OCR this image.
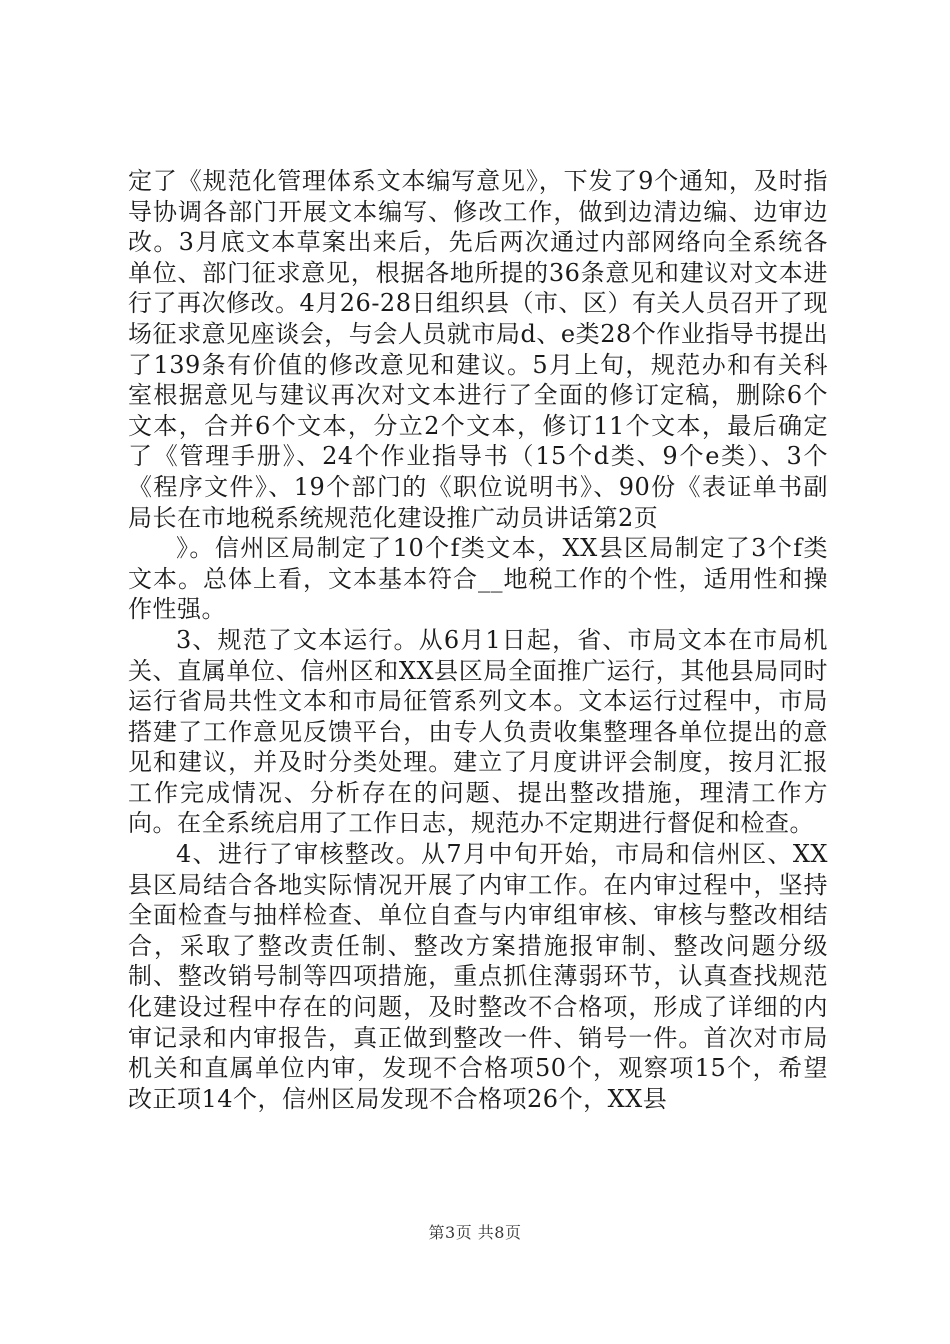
定了《规范化管理体系文本编写意见》，下发了9个通知，及时指导协调各部门开展文本编写、修改工作，做到边清边编、边审边改。3月底文本草案出来后，先后两次通过内部网络向全系统各单位、部门征求意见，根据各地所提的36条意见和建议对文本进行了再次修改。4月26-28日组织县（市、区）有关人员召开了现场征求意见座谈会，与会人员就市局d、e类28个作业指导书提出了139条有价值的修改意见和建议。5月上旬，规范办和有关科室根据意见与建议再次对文本进行了全面的修订定稿，删除6个文本，合并6个文本，分立2个文本，修订11个文本，最后确定了《管理手册》、24个作业指导书（15个d类、9个e类）、3个《程序文件》、19个部门的《职位说明书》、90份《表证单书副局长在市地税系统规范化建设推广动员讲话第2页

》。信州区局制定了10个f类文本，XX县区局制定了3个f类文本。总体上看，文本基本符合__地税工作的个性，适用性和操作性强。

3、规范了文本运行。从6月1日起，省、市局文本在市局机关、直属单位、信州区和XX县区局全面推广运行，其他县局同时运行省局共性文本和市局征管系列文本。文本运行过程中，市局搭建了工作意见反馈平台，由专人负责收集整理各单位提出的意见和建议，并及时分类处理。建立了月度讲评会制度，按月汇报工作完成情况、分析存在的问题、提出整改措施，理清工作方向。在全系统启用了工作日志，规范办不定期进行督促和检查。

4、进行了审核整改。从7月中旬开始，市局和信州区、XX县区局结合各地实际情况开展了内审工作。在内审过程中，坚持全面检查与抽样检查、单位自查与内审组审核、审核与整改相结合，采取了整改责任制、整改方案措施报审制、整改问题分级制、整改销号制等四项措施，重点抓住薄弱环节，认真查找规范化建设过程中存在的问题，及时整改不合格项，形成了详细的内审记录和内审报告，真正做到整改一件、销号一件。首次对市局机关和直属单位内审，发现不合格项50个，观察项15个，希望改正项14个，信州区局发现不合格项26个，XX县

第3页 共8页
